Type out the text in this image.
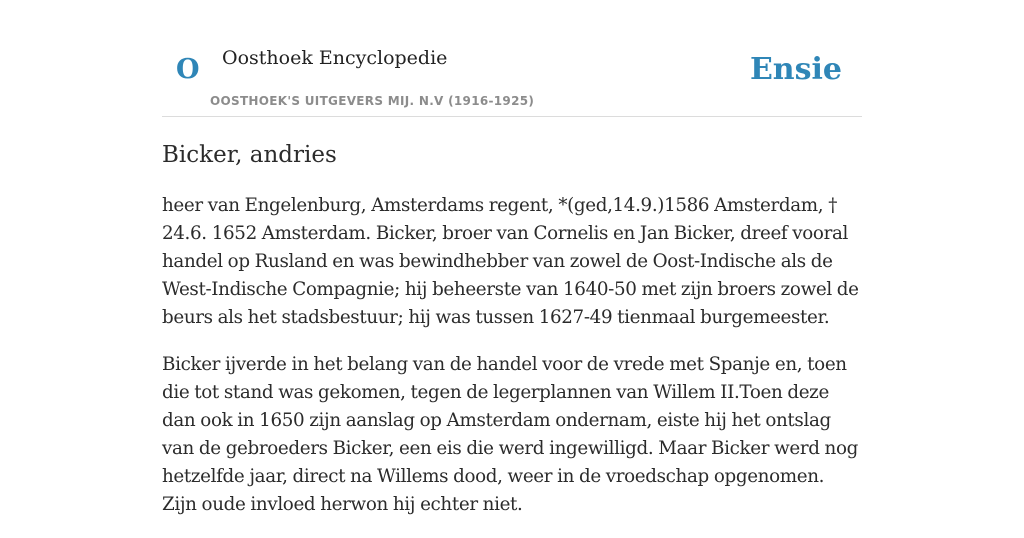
O Oosthoek Encyclopedie
OOSTHOEK'S UITGEVERS MIJ. N.V (1916-1925)
Ensie
Bicker, andries

heer van Engelenburg, Amsterdams regent, *(ged,14.9.)1586 Amsterdam, † 24.6. 1652 Amsterdam. Bicker, broer van Cornelis en Jan Bicker, dreef vooral handel op Rusland en was bewindhebber van zowel de Oost-Indische als de West-Indische Compagnie; hij beheerste van 1640-50 met zijn broers zowel de beurs als het stadsbestuur; hij was tussen 1627-49 tienmaal burgemeester.

Bicker ijverde in het belang van de handel voor de vrede met Spanje en, toen die tot stand was gekomen, tegen de legerplannen van Willem II.Toen deze dan ook in 1650 zijn aanslag op Amsterdam ondernam, eiste hij het ontslag van de gebroeders Bicker, een eis die werd ingewilligd. Maar Bicker werd nog hetzelfde jaar, direct na Willems dood, weer in de vroedschap opgenomen. Zijn oude invloed herwon hij echter niet.
